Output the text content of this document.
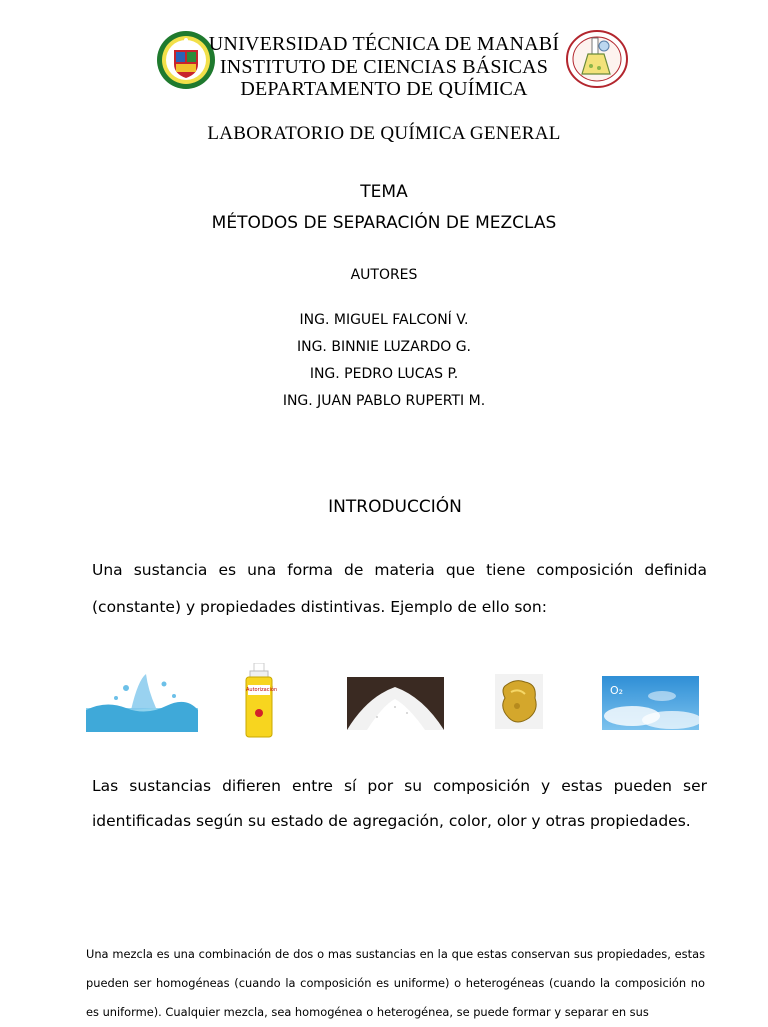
UNIVERSIDAD TÉCNICA DE MANABÍ
INSTITUTO DE CIENCIAS BÁSICAS
DEPARTAMENTO DE QUÍMICA
LABORATORIO DE QUÍMICA GENERAL
TEMA
MÉTODOS DE SEPARACIÓN DE MEZCLAS
AUTORES
ING. MIGUEL FALCONÍ V.
ING. BINNIE LUZARDO G.
ING. PEDRO LUCAS P.
ING. JUAN PABLO RUPERTI M.
INTRODUCCIÓN

Una sustancia es una forma de materia que tiene composición definida (constante) y propiedades distintivas. Ejemplo de ello son:

Autorización	O₂

Las sustancias difieren entre sí por su composición y estas pueden ser identificadas según su estado de agregación, color, olor y otras propiedades.

Una mezcla es una combinación de dos o mas sustancias en la que estas conservan sus propiedades, estas pueden ser homogéneas (cuando la composición es uniforme) o heterogéneas (cuando la composición no es uniforme). Cualquier mezcla, sea homogénea o heterogénea, se puede formar y separar en sus
